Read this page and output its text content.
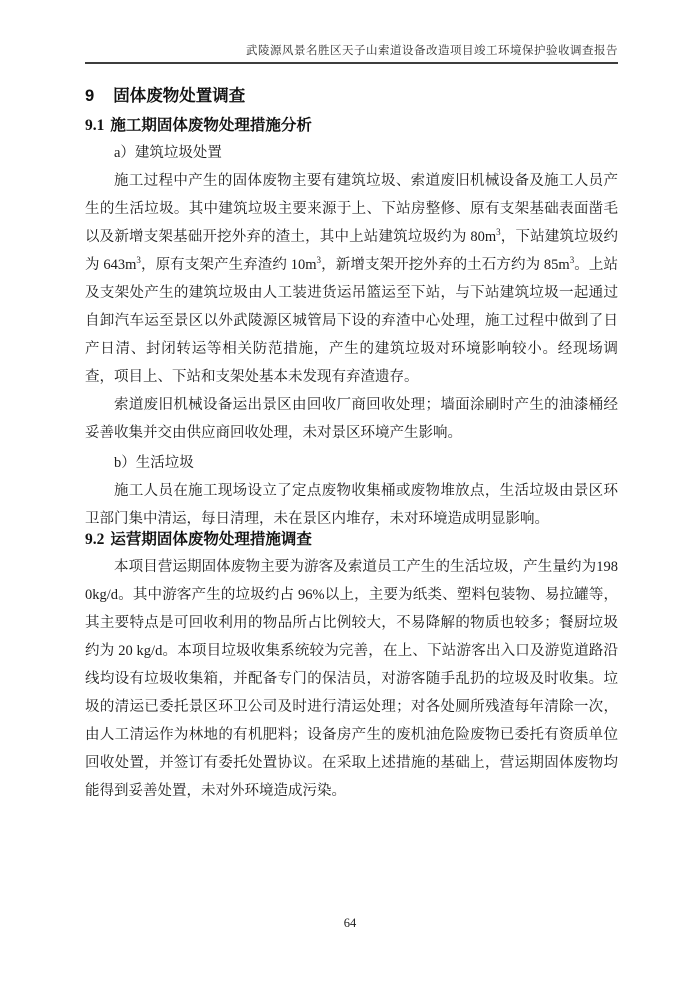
武陵源风景名胜区天子山索道设备改造项目竣工环境保护验收调查报告
9 固体废物处置调查
9.1 施工期固体废物处理措施分析

a）建筑垃圾处置

施工过程中产生的固体废物主要有建筑垃圾、索道废旧机械设备及施工人员产生的生活垃圾。其中建筑垃圾主要来源于上、下站房整修、原有支架基础表面凿毛以及新增支架基础开挖外弃的渣土，其中上站建筑垃圾约为 $80m^3$，下站建筑垃圾约为 $643m^3$，原有支架产生弃渣约 $10m^3$，新增支架开挖外弃的土石方约为 $85m^3$。上站及支架处产生的建筑垃圾由人工装进货运吊篮运至下站，与下站建筑垃圾一起通过自卸汽车运至景区以外武陵源区城管局下设的弃渣中心处理，施工过程中做到了日产日清、封闭转运等相关防范措施，产生的建筑垃圾对环境影响较小。经现场调查，项目上、下站和支架处基本未发现有弃渣遗存。

索道废旧机械设备运出景区由回收厂商回收处理；墙面涂刷时产生的油漆桶经妥善收集并交由供应商回收处理，未对景区环境产生影响。

b）生活垃圾

施工人员在施工现场设立了定点废物收集桶或废物堆放点，生活垃圾由景区环卫部门集中清运，每日清理，未在景区内堆存，未对环境造成明显影响。

9.2 运营期固体废物处理措施调查

本项目营运期固体废物主要为游客及索道员工产生的生活垃圾，产生量约为1980kg/d。其中游客产生的垃圾约占 96%以上，主要为纸类、塑料包装物、易拉罐等，其主要特点是可回收利用的物品所占比例较大，不易降解的物质也较多；餐厨垃圾约为 20 kg/d。本项目垃圾收集系统较为完善，在上、下站游客出入口及游览道路沿线均设有垃圾收集箱，并配备专门的保洁员，对游客随手乱扔的垃圾及时收集。垃圾的清运已委托景区环卫公司及时进行清运处理；对各处厕所残渣每年清除一次，由人工清运作为林地的有机肥料；设备房产生的废机油危险废物已委托有资质单位回收处置，并签订有委托处置协议。在采取上述措施的基础上，营运期固体废物均能得到妥善处置，未对外环境造成污染。

64
